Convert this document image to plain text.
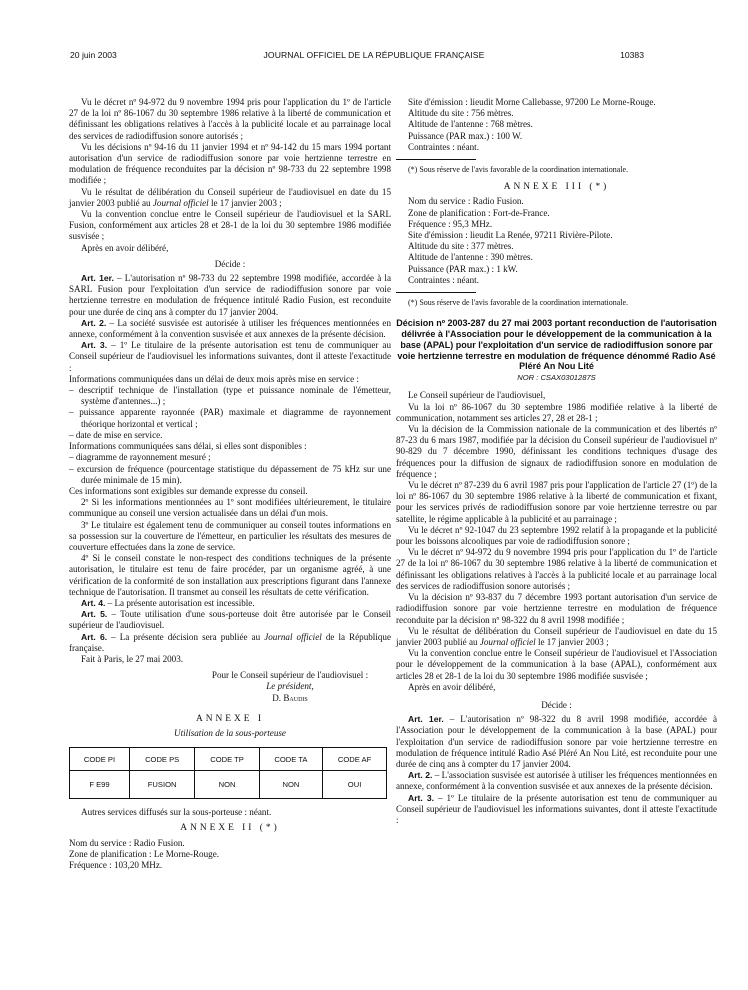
20 juin 2003	JOURNAL OFFICIEL DE LA RÉPUBLIQUE FRANÇAISE	10383

Vu le décret nº 94-972 du 9 novembre 1994 pris pour l'application du 1º de l'article 27 de la loi nº 86-1067 du 30 septembre 1986 relative à la liberté de communication et définissant les obligations relatives à l'accès à la publicité locale et au parrainage local des services de radiodiffusion sonore autorisés ;

Vu les décisions nº 94-16 du 11 janvier 1994 et nº 94-142 du 15 mars 1994 portant autorisation d'un service de radiodiffusion sonore par voie hertzienne terrestre en modulation de fréquence reconduites par la décision nº 98-733 du 22 septembre 1998 modifiée ;

Vu le résultat de délibération du Conseil supérieur de l'audiovisuel en date du 15 janvier 2003 publié au Journal officiel le 17 janvier 2003 ;

Vu la convention conclue entre le Conseil supérieur de l'audiovisuel et la SARL Fusion, conformément aux articles 28 et 28-1 de la loi du 30 septembre 1986 modifiée susvisée ;

Après en avoir délibéré,

Décide :

Art. 1er. – L'autorisation nº 98-733 du 22 septembre 1998 modifiée, accordée à la SARL Fusion pour l'exploitation d'un service de radiodiffusion sonore par voie hertzienne terrestre en modulation de fréquence intitulé Radio Fusion, est reconduite pour une durée de cinq ans à compter du 17 janvier 2004.

Art. 2. – La société susvisée est autorisée à utiliser les fréquences mentionnées en annexe, conformément à la convention susvisée et aux annexes de la présente décision.

Art. 3. – 1º Le titulaire de la présente autorisation est tenu de communiquer au Conseil supérieur de l'audiovisuel les informations suivantes, dont il atteste l'exactitude :

Informations communiquées dans un délai de deux mois après mise en service :

– descriptif technique de l'installation (type et puissance nominale de l'émetteur, système d'antennes...) ;

– puissance apparente rayonnée (PAR) maximale et diagramme de rayonnement théorique horizontal et vertical ;

– date de mise en service.

Informations communiquées sans délai, si elles sont disponibles :

– diagramme de rayonnement mesuré ;

– excursion de fréquence (pourcentage statistique du dépassement de 75 kHz sur une durée minimale de 15 min).

Ces informations sont exigibles sur demande expresse du conseil.

2º Si les informations mentionnées au 1º sont modifiées ultérieurement, le titulaire communique au conseil une version actualisée dans un délai d'un mois.

3º Le titulaire est également tenu de communiquer au conseil toutes informations en sa possession sur la couverture de l'émetteur, en particulier les résultats des mesures de couverture effectuées dans la zone de service.

4º Si le conseil constate le non-respect des conditions techniques de la présente autorisation, le titulaire est tenu de faire procéder, par un organisme agréé, à une vérification de la conformité de son installation aux prescriptions figurant dans l'annexe technique de l'autorisation. Il transmet au conseil les résultats de cette vérification.

Art. 4. – La présente autorisation est incessible.

Art. 5. – Toute utilisation d'une sous-porteuse doit être autorisée par le Conseil supérieur de l'audiovisuel.

Art. 6. – La présente décision sera publiée au Journal officiel de la République française.

Fait à Paris, le 27 mai 2003.

Pour le Conseil supérieur de l'audiovisuel :
Le président,
D. Baudis

ANNEXE I

Utilisation de la sous-porteuse

CODE PI	CODE PS	CODE TP	CODE TA	CODE AF
F E99	FUSION	NON	NON	OUI

Autres services diffusés sur la sous-porteuse : néant.

ANNEXE II (*)

Nom du service : Radio Fusion.

Zone de planification : Le Morne-Rouge.

Fréquence : 103,20 MHz.

Site d'émission : lieudit Morne Callebasse, 97200 Le Morne-Rouge.

Altitude du site : 756 mètres.

Altitude de l'antenne : 768 mètres.

Puissance (PAR max.) : 100 W.

Contraintes : néant.

(*) Sous réserve de l'avis favorable de la coordination internationale.

ANNEXE III (*)

Nom du service : Radio Fusion.

Zone de planification : Fort-de-France.

Fréquence : 95,3 MHz.

Site d'émission : lieudit La Renée, 97211 Rivière-Pilote.

Altitude du site : 377 mètres.

Altitude de l'antenne : 390 mètres.

Puissance (PAR max.) : 1 kW.

Contraintes : néant.

(*) Sous réserve de l'avis favorable de la coordination internationale.

Décision nº 2003-287 du 27 mai 2003 portant reconduction de l'autorisation délivrée à l'Association pour le développement de la communication à la base (APAL) pour l'exploitation d'un service de radiodiffusion sonore par voie hertzienne terrestre en modulation de fréquence dénommé Radio Asé Pléré An Nou Lité
NOR : CSAX0301287S

Le Conseil supérieur de l'audiovisuel,

Vu la loi nº 86-1067 du 30 septembre 1986 modifiée relative à la liberté de communication, notamment ses articles 27, 28 et 28-1 ;

Vu la décision de la Commission nationale de la communication et des libertés nº 87-23 du 6 mars 1987, modifiée par la décision du Conseil supérieur de l'audiovisuel nº 90-829 du 7 décembre 1990, définissant les conditions techniques d'usage des fréquences pour la diffusion de signaux de radiodiffusion sonore en modulation de fréquence ;

Vu le décret nº 87-239 du 6 avril 1987 pris pour l'application de l'article 27 (1º) de la loi nº 86-1067 du 30 septembre 1986 relative à la liberté de communication et fixant, pour les services privés de radiodiffusion sonore par voie hertzienne terrestre ou par satellite, le régime applicable à la publicité et au parrainage ;

Vu le décret nº 92-1047 du 23 septembre 1992 relatif à la propagande et la publicité pour les boissons alcooliques par voie de radiodiffusion sonore ;

Vu le décret nº 94-972 du 9 novembre 1994 pris pour l'application du 1º de l'article 27 de la loi nº 86-1067 du 30 septembre 1986 relative à la liberté de communication et définissant les obligations relatives à l'accès à la publicité locale et au parrainage local des services de radiodiffusion sonore autorisés ;

Vu la décision nº 93-837 du 7 décembre 1993 portant autorisation d'un service de radiodiffusion sonore par voie hertzienne terrestre en modulation de fréquence reconduite par la décision nº 98-322 du 8 avril 1998 modifiée ;

Vu le résultat de délibération du Conseil supérieur de l'audiovisuel en date du 15 janvier 2003 publié au Journal officiel le 17 janvier 2003 ;

Vu la convention conclue entre le Conseil supérieur de l'audiovisuel et l'Association pour le développement de la communication à la base (APAL), conformément aux articles 28 et 28-1 de la loi du 30 septembre 1986 modifiée susvisée ;

Après en avoir délibéré,

Décide :

Art. 1er. – L'autorisation nº 98-322 du 8 avril 1998 modifiée, accordée à l'Association pour le développement de la communication à la base (APAL) pour l'exploitation d'un service de radiodiffusion sonore par voie hertzienne terrestre en modulation de fréquence intitulé Radio Asé Pléré An Nou Lité, est reconduite pour une durée de cinq ans à compter du 17 janvier 2004.

Art. 2. – L'association susvisée est autorisée à utiliser les fréquences mentionnées en annexe, conformément à la convention susvisée et aux annexes de la présente décision.

Art. 3. – 1º Le titulaire de la présente autorisation est tenu de communiquer au Conseil supérieur de l'audiovisuel les informations suivantes, dont il atteste l'exactitude :
